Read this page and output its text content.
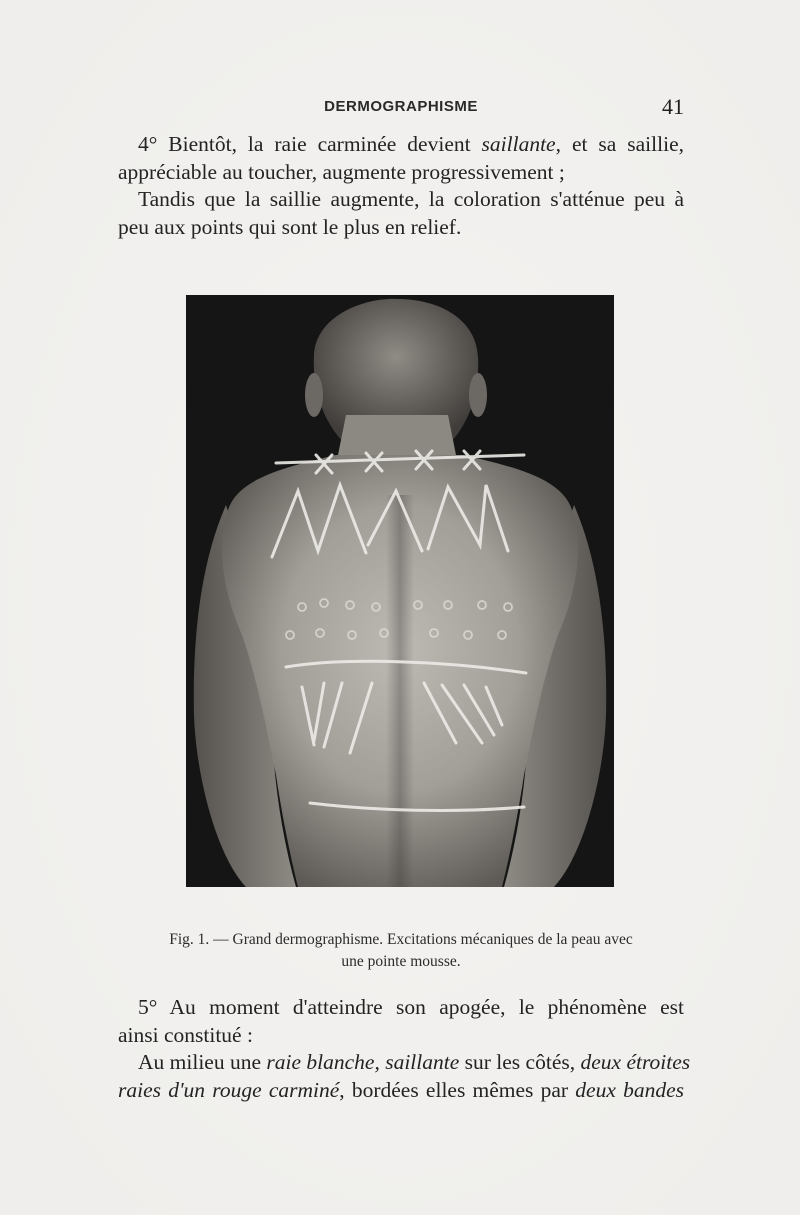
DERMOGRAPHISME	41
4° Bientôt, la raie carminée devient saillante, et sa saillie,
appréciable au toucher, augmente progressivement ;
Tandis que la saillie augmente, la coloration s'atténue peu à
peu aux points qui sont le plus en relief.
Fig. 1. — Grand dermographisme. Excitations mécaniques de la peau avec
une pointe mousse.
5° Au moment d'atteindre son apogée, le phénomène est
ainsi constitué :
Au milieu une raie blanche, saillante sur les côtés, deux étroites
raies d'un rouge carminé, bordées elles mêmes par deux bandes
